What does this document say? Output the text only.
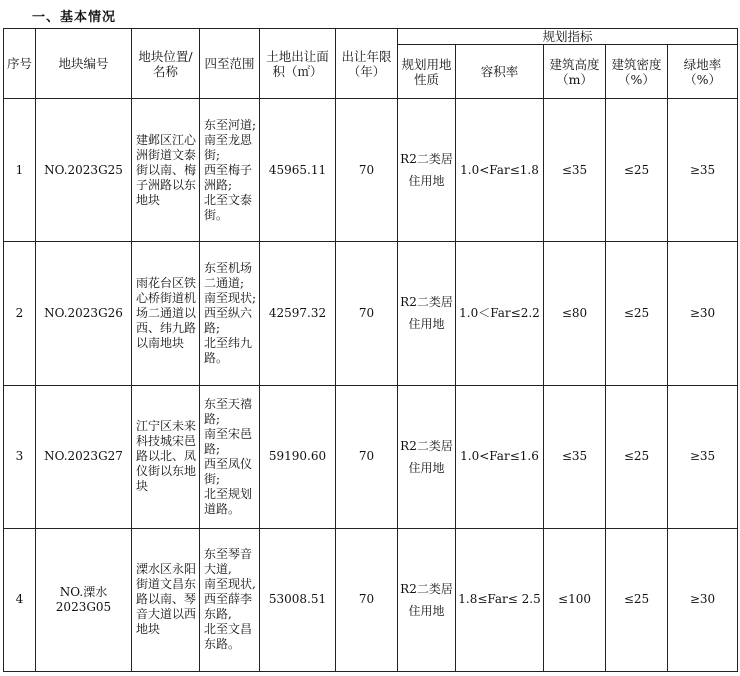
一、基本情况
序号	地块编号	地块位置/名称	四至范围	土地出让面积（㎡）	出让年限（年）	规划指标				
						规划用地性质	容积率	建筑高度（m）	建筑密度（%）	绿地率（%）
1	NO.2023G25	建邺区江心洲街道文泰街以南、梅子洲路以东地块	东至河道;
南至龙恩街;
西至梅子洲路;
北至文泰街。	45965.11	70	R2二类居住用地	1.0<Far≤1.8	≤35	≤25	≥35
2	NO.2023G26	雨花台区铁心桥街道机场二通道以西、纬九路以南地块	东至机场二通道;
南至现状;
西至纵六路;
北至纬九路。	42597.32	70	R2二类居住用地	1.0＜Far≤2.2	≤80	≤25	≥30
3	NO.2023G27	江宁区未来科技城宋邑路以北、凤仪街以东地块	东至天禧路;
南至宋邑路;
西至凤仪街;
北至规划道路。	59190.60	70	R2二类居住用地	1.0<Far≤1.6	≤35	≤25	≥35
4	NO.溧水2023G05	溧水区永阳街道文昌东路以南、琴音大道以西地块	东至琴音大道,
南至现状,
西至薛李东路,
北至文昌东路。	53008.51	70	R2二类居住用地	1.8≤Far≤ 2.5	≤100	≤25	≥30
